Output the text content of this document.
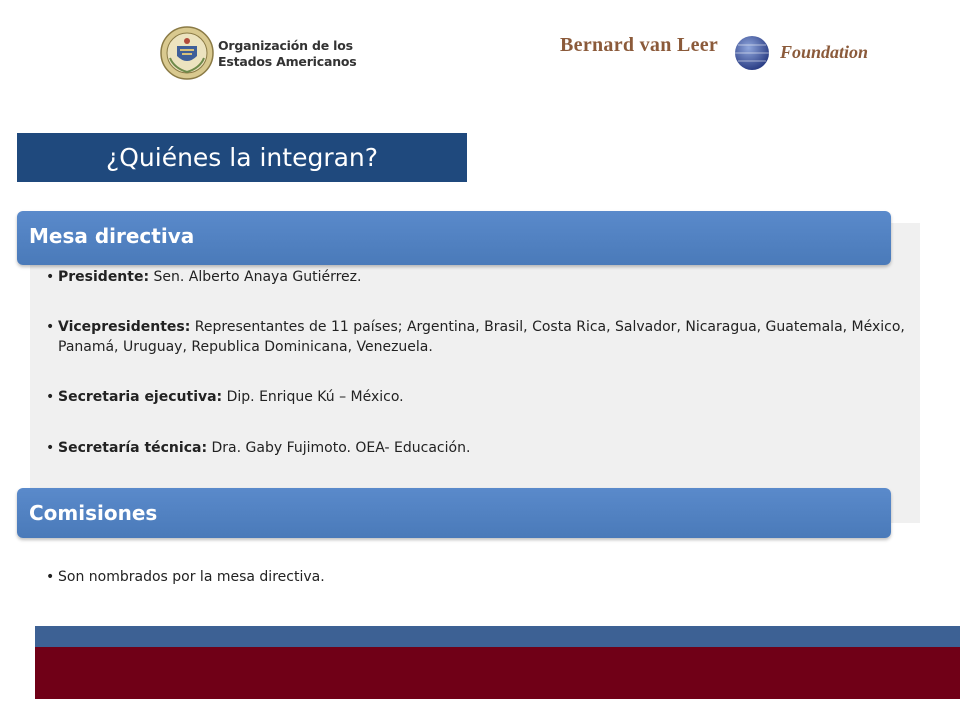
Organización de los
Estados Americanos
Bernard van Leer	Foundation
¿Quiénes la integran?
Mesa directiva
• Presidente: Sen. Alberto Anaya Gutiérrez.
• Vicepresidentes: Representantes de 11 países; Argentina, Brasil, Costa Rica, Salvador, Nicaragua, Guatemala, México, Panamá, Uruguay, Republica Dominicana, Venezuela.
• Secretaria ejecutiva: Dip. Enrique Kú – México.
• Secretaría técnica: Dra. Gaby Fujimoto. OEA- Educación.
Comisiones
• Son nombrados por la mesa directiva.
